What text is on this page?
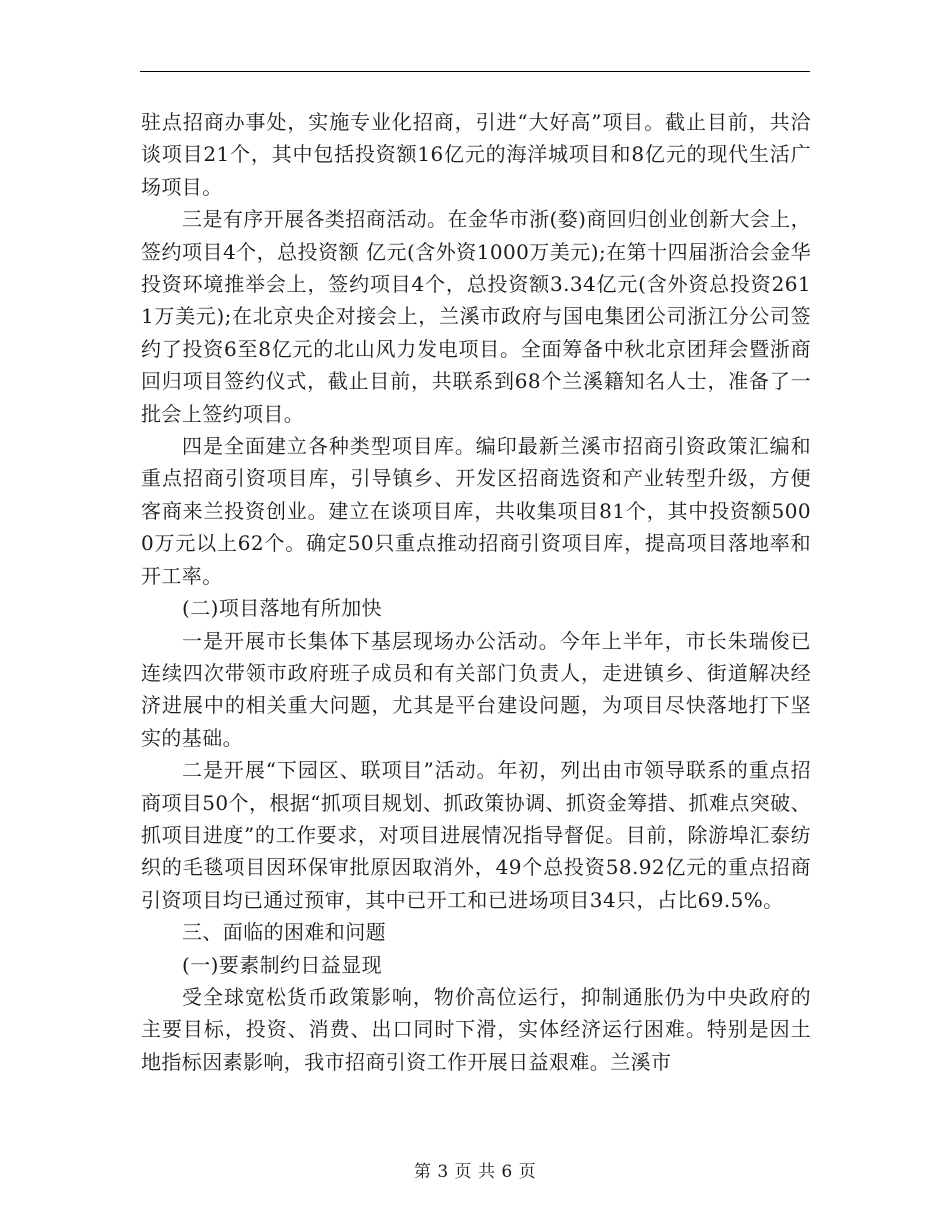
驻点招商办事处，实施专业化招商，引进“大好高”项目。截止目前，共洽谈项目21个，其中包括投资额16亿元的海洋城项目和8亿元的现代生活广场项目。

三是有序开展各类招商活动。在金华市浙(婺)商回归创业创新大会上，签约项目4个，总投资额 亿元(含外资1000万美元);在第十四届浙洽会金华投资环境推举会上，签约项目4个，总投资额3.34亿元(含外资总投资2611万美元);在北京央企对接会上，兰溪市政府与国电集团公司浙江分公司签约了投资6至8亿元的北山风力发电项目。全面筹备中秋北京团拜会暨浙商回归项目签约仪式，截止目前，共联系到68个兰溪籍知名人士，准备了一批会上签约项目。

四是全面建立各种类型项目库。编印最新兰溪市招商引资政策汇编和重点招商引资项目库，引导镇乡、开发区招商选资和产业转型升级，方便客商来兰投资创业。建立在谈项目库，共收集项目81个，其中投资额5000万元以上62个。确定50只重点推动招商引资项目库，提高项目落地率和开工率。

(二)项目落地有所加快

一是开展市长集体下基层现场办公活动。今年上半年，市长朱瑞俊已连续四次带领市政府班子成员和有关部门负责人，走进镇乡、街道解决经济进展中的相关重大问题，尤其是平台建设问题，为项目尽快落地打下坚实的基础。

二是开展“下园区、联项目”活动。年初，列出由市领导联系的重点招商项目50个，根据“抓项目规划、抓政策协调、抓资金筹措、抓难点突破、抓项目进度”的工作要求，对项目进展情况指导督促。目前，除游埠汇泰纺织的毛毯项目因环保审批原因取消外，49个总投资58.92亿元的重点招商引资项目均已通过预审，其中已开工和已进场项目34只，占比69.5%。

三、面临的困难和问题

(一)要素制约日益显现

受全球宽松货币政策影响，物价高位运行，抑制通胀仍为中央政府的主要目标，投资、消费、出口同时下滑，实体经济运行困难。特别是因土地指标因素影响，我市招商引资工作开展日益艰难。兰溪市

第 3 页 共 6 页
